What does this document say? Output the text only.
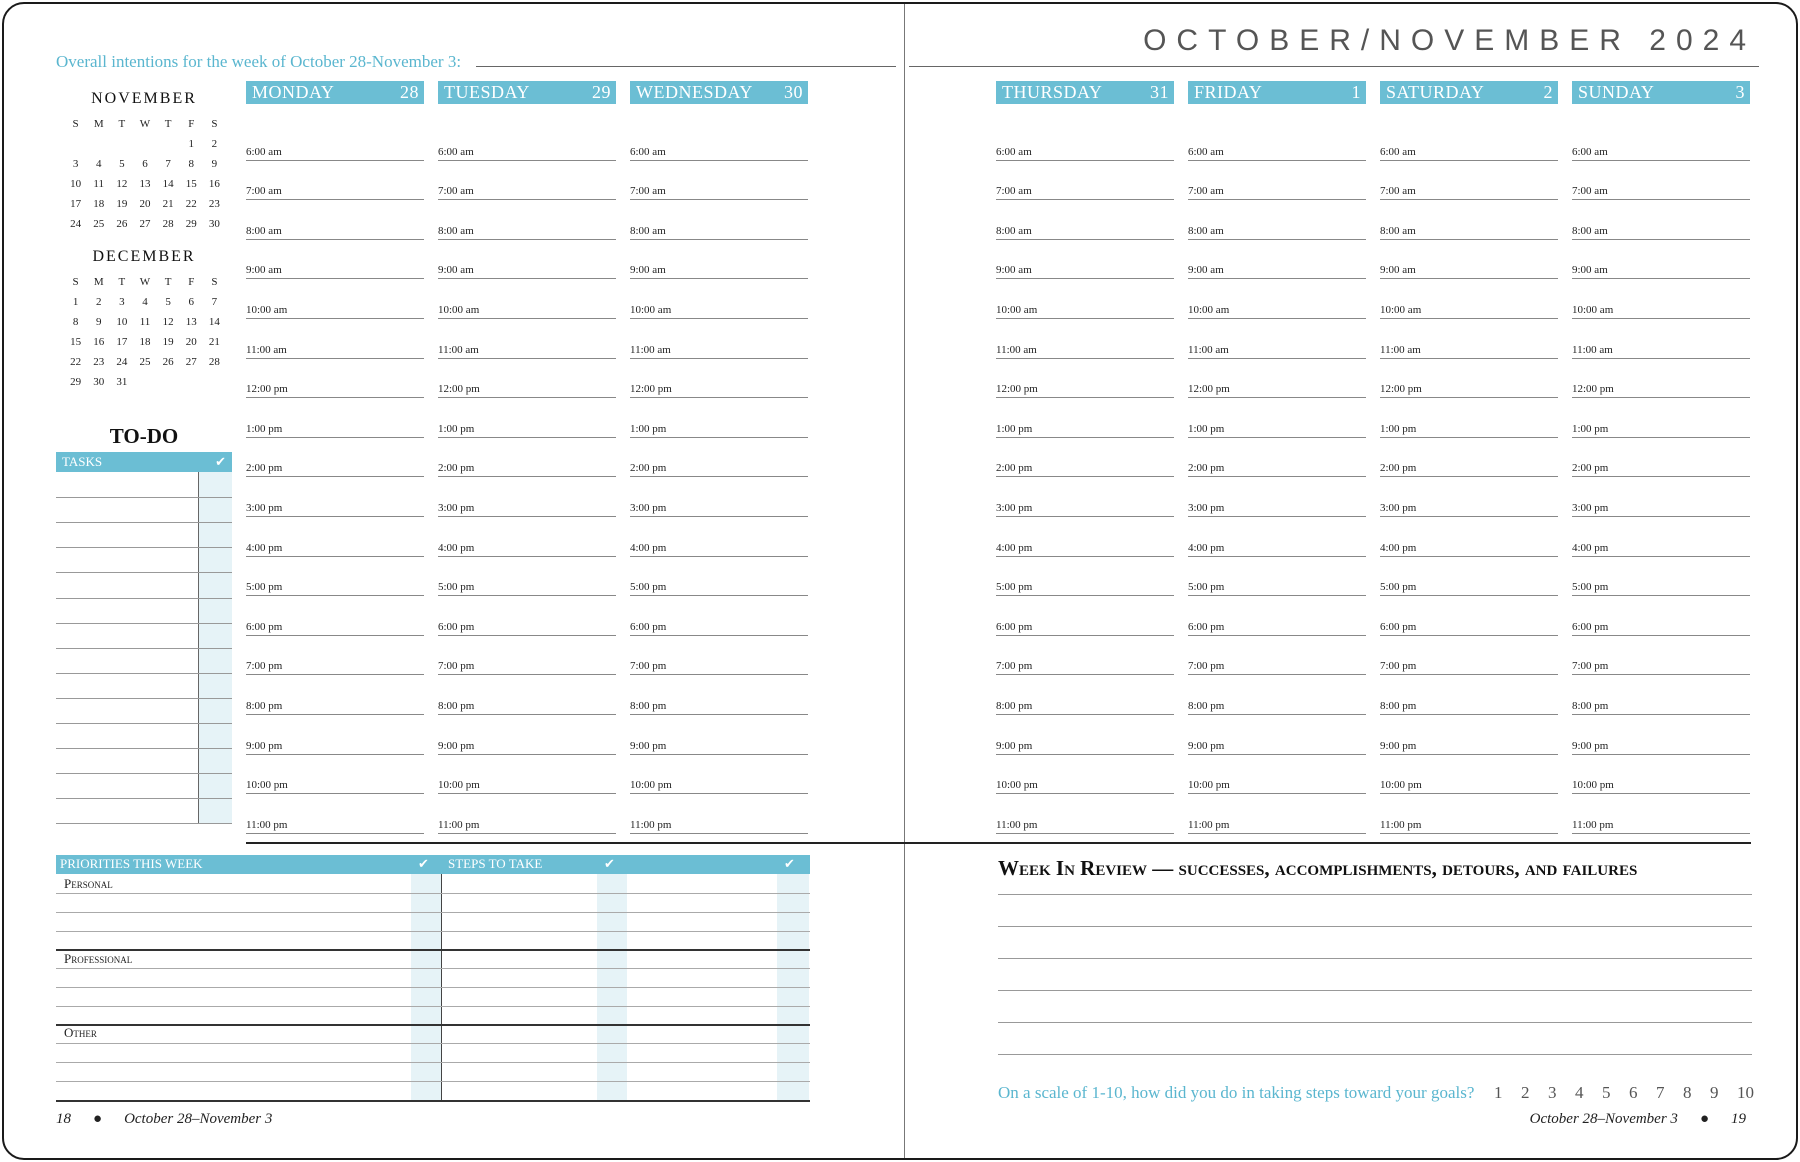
Overall intentions for the week of October 28-November 3:
OCTOBER/NOVEMBER 2024
NOVEMBER
S	M	T	W	T	F	S
					1	2
3	4	5	6	7	8	9
10	11	12	13	14	15	16
17	18	19	20	21	22	23
24	25	26	27	28	29	30
DECEMBER
S	M	T	W	T	F	S
1	2	3	4	5	6	7
8	9	10	11	12	13	14
15	16	17	18	19	20	21
22	23	24	25	26	27	28
29	30	31				
MONDAY	28
6:00 am
7:00 am
8:00 am
9:00 am
10:00 am
11:00 am
12:00 pm
1:00 pm
2:00 pm
3:00 pm
4:00 pm
5:00 pm
6:00 pm
7:00 pm
8:00 pm
9:00 pm
10:00 pm
11:00 pm
TUESDAY	29
6:00 am
7:00 am
8:00 am
9:00 am
10:00 am
11:00 am
12:00 pm
1:00 pm
2:00 pm
3:00 pm
4:00 pm
5:00 pm
6:00 pm
7:00 pm
8:00 pm
9:00 pm
10:00 pm
11:00 pm
WEDNESDAY 30
6:00 am
7:00 am
8:00 am
9:00 am
10:00 am
11:00 am
12:00 pm
1:00 pm
2:00 pm
3:00 pm
4:00 pm
5:00 pm
6:00 pm
7:00 pm
8:00 pm
9:00 pm
10:00 pm
11:00 pm
THURSDAY	31
6:00 am
7:00 am
8:00 am
9:00 am
10:00 am
11:00 am
12:00 pm
1:00 pm
2:00 pm
3:00 pm
4:00 pm
5:00 pm
6:00 pm
7:00 pm
8:00 pm
9:00 pm
10:00 pm
11:00 pm
FRIDAY	1
6:00 am
7:00 am
8:00 am
9:00 am
10:00 am
11:00 am
12:00 pm
1:00 pm
2:00 pm
3:00 pm
4:00 pm
5:00 pm
6:00 pm
7:00 pm
8:00 pm
9:00 pm
10:00 pm
11:00 pm
SATURDAY	2
6:00 am
7:00 am
8:00 am
9:00 am
10:00 am
11:00 am
12:00 pm
1:00 pm
2:00 pm
3:00 pm
4:00 pm
5:00 pm
6:00 pm
7:00 pm
8:00 pm
9:00 pm
10:00 pm
11:00 pm
SUNDAY	3
6:00 am
7:00 am
8:00 am
9:00 am
10:00 am
11:00 am
12:00 pm
1:00 pm
2:00 pm
3:00 pm
4:00 pm
5:00 pm
6:00 pm
7:00 pm
8:00 pm
9:00 pm
10:00 pm
11:00 pm
TO-DO
TASKS	✔
PRIORITIES THIS WEEK	✔ STEPS TO TAKE	✔	✔
Personal
Professional
Other
Week In Review — successes, accomplishments, detours, and failures
On a scale of 1-10, how did you do in taking steps toward your goals? 1 2 3 4 5 6 7 8 9 10
18 ● October 28–November 3	October 28–November 3 ● 19
